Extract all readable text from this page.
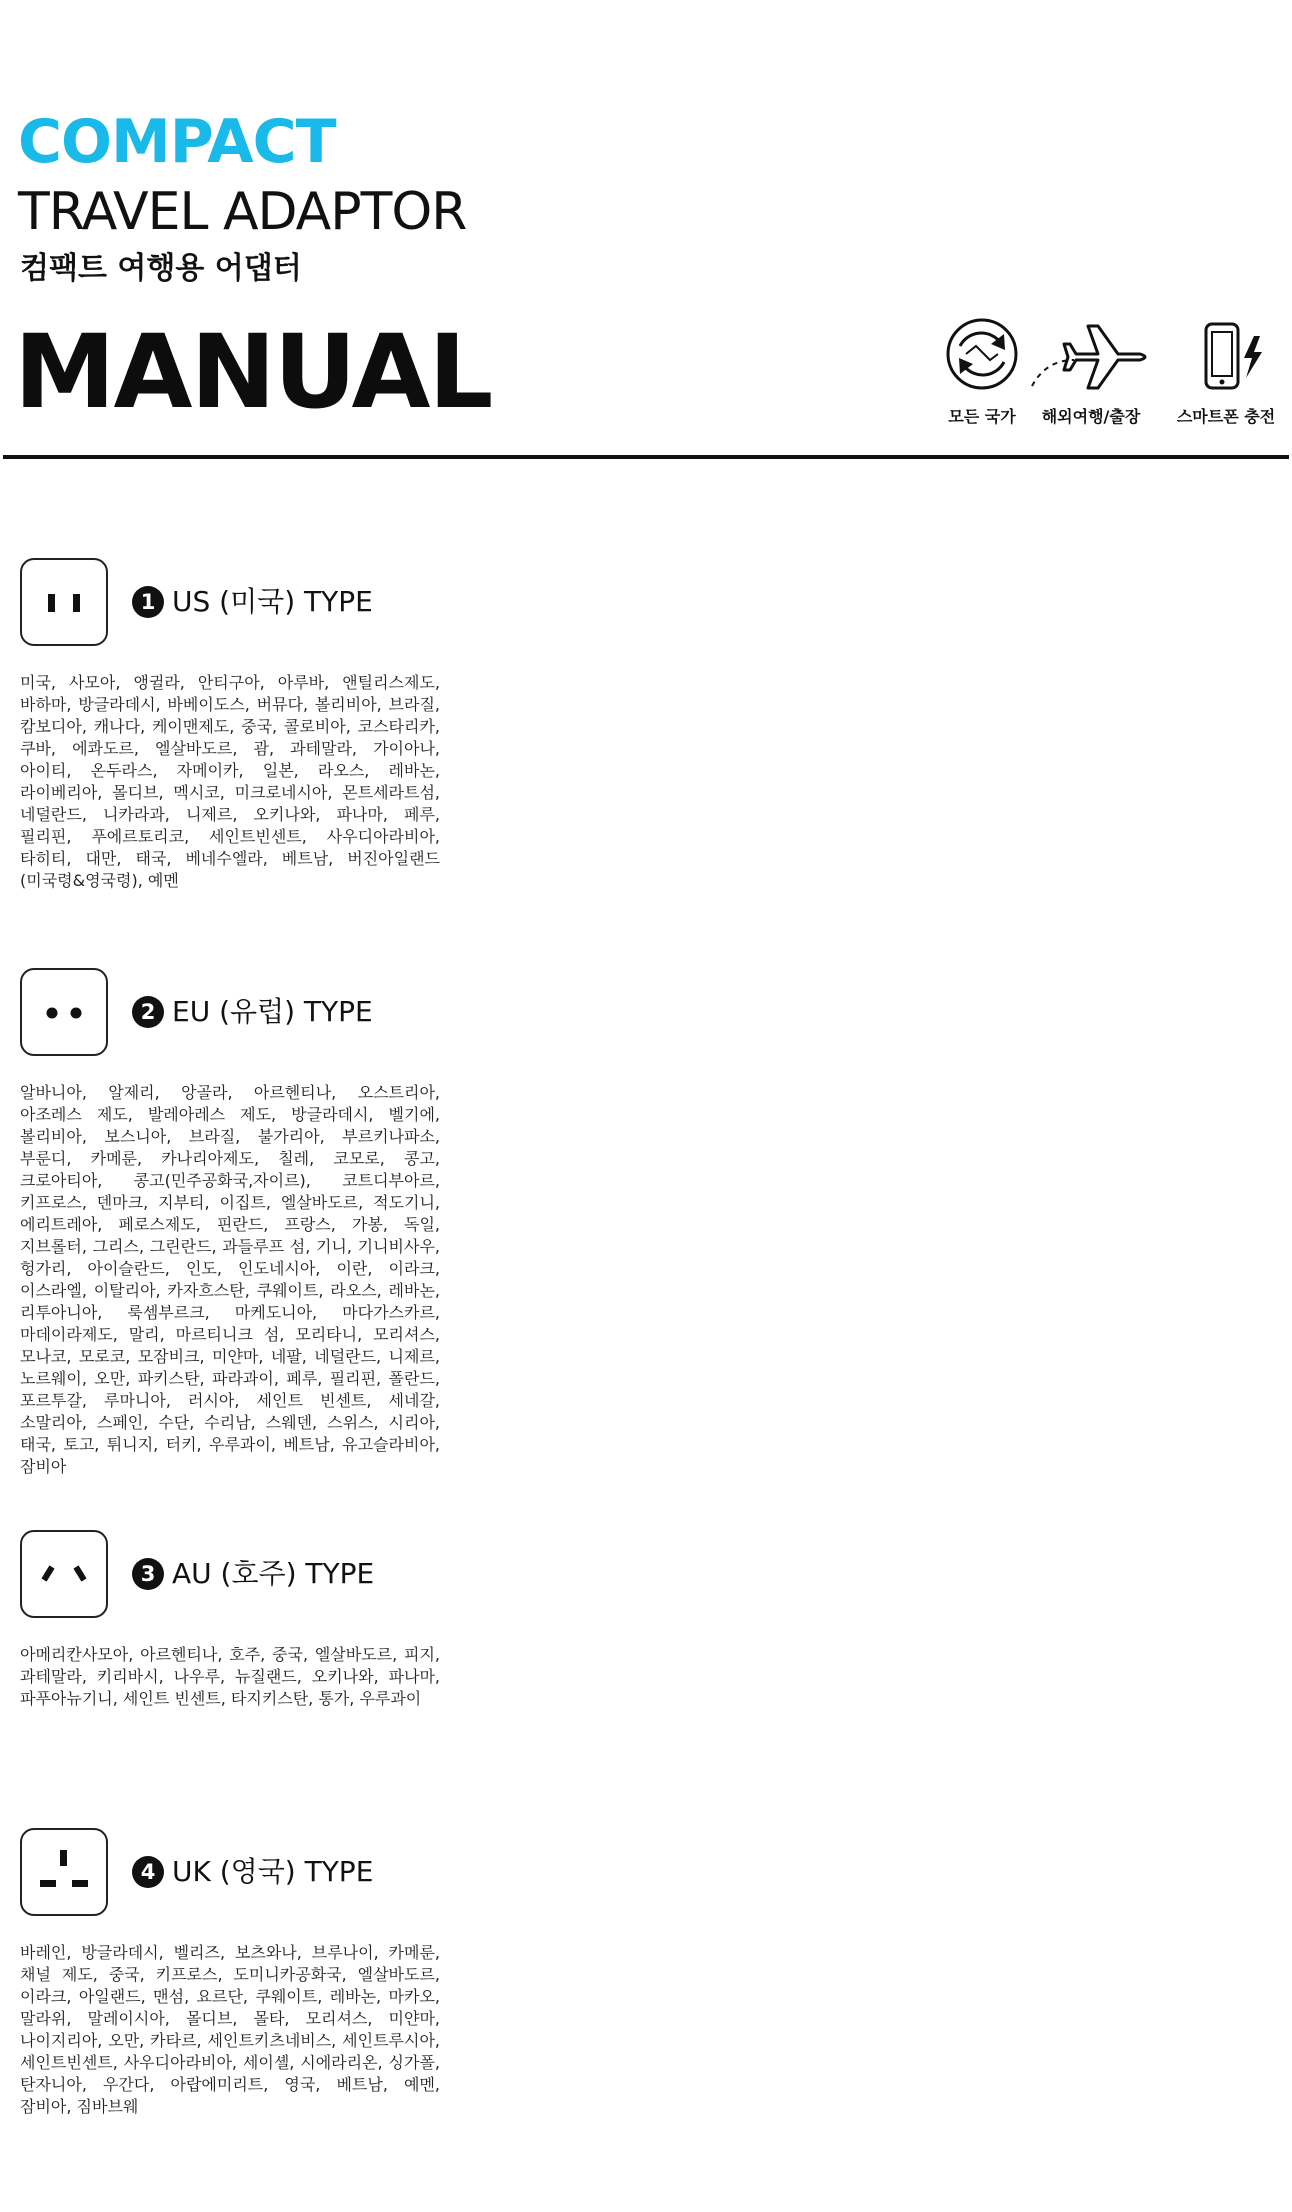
COMPACT
TRAVEL ADAPTOR
컴팩트 여행용 어댑터
MANUAL	모든 국가	해외여행/출장	스마트폰 충전
1 US (미국) TYPE
미국, 사모아, 앵귈라, 안티구아, 아루바, 앤틸리스제도, 바하마, 방글라데시, 바베이도스, 버뮤다, 볼리비아, 브라질, 캄보디아, 캐나다, 케이맨제도, 중국, 콜로비아, 코스타리카, 쿠바, 에콰도르, 엘살바도르, 괌, 과테말라, 가이아나, 아이티, 온두라스, 자메이카, 일본, 라오스, 레바논, 라이베리아, 몰디브, 멕시코, 미크로네시아, 몬트세라트섬, 네덜란드, 니카라과, 니제르, 오키나와, 파나마, 페루, 필리핀, 푸에르토리코, 세인트빈센트, 사우디아라비아, 타히티, 대만, 태국, 베네수엘라, 베트남, 버진아일랜드 (미국령&영국령), 예멘
2 EU (유럽) TYPE
알바니아, 알제리, 앙골라, 아르헨티나, 오스트리아, 아조레스 제도, 발레아레스 제도, 방글라데시, 벨기에, 볼리비아, 보스니아, 브라질, 불가리아, 부르키나파소, 부룬디, 카메룬, 카나리아제도, 칠레, 코모로, 콩고, 크로아티아, 콩고(민주공화국,자이르), 코트디부아르, 키프로스, 덴마크, 지부티, 이집트, 엘살바도르, 적도기니, 에리트레아, 페로스제도, 핀란드, 프랑스, 가봉, 독일, 지브롤터, 그리스, 그린란드, 과들루프 섬, 기니, 기니비사우, 헝가리, 아이슬란드, 인도, 인도네시아, 이란, 이라크, 이스라엘, 이탈리아, 카자흐스탄, 쿠웨이트, 라오스, 레바논, 리투아니아, 룩셈부르크, 마케도니아, 마다가스카르, 마데이라제도, 말리, 마르티니크 섬, 모리타니, 모리셔스, 모나코, 모로코, 모잠비크, 미얀마, 네팔, 네덜란드, 니제르, 노르웨이, 오만, 파키스탄, 파라과이, 페루, 필리핀, 폴란드, 포르투갈, 루마니아, 러시아, 세인트 빈센트, 세네갈, 소말리아, 스페인, 수단, 수리남, 스웨덴, 스위스, 시리아, 태국, 토고, 튀니지, 터키, 우루과이, 베트남, 유고슬라비아, 잠비아
3 AU (호주) TYPE
아메리칸사모아, 아르헨티나, 호주, 중국, 엘살바도르, 피지, 과테말라, 키리바시, 나우루, 뉴질랜드, 오키나와, 파나마, 파푸아뉴기니, 세인트 빈센트, 타지키스탄, 통가, 우루과이
4 UK (영국) TYPE
바레인, 방글라데시, 벨리즈, 보츠와나, 브루나이, 카메룬, 채널 제도, 중국, 키프로스, 도미니카공화국, 엘살바도르, 이라크, 아일랜드, 맨섬, 요르단, 쿠웨이트, 레바논, 마카오, 말라위, 말레이시아, 몰디브, 몰타, 모리셔스, 미얀마, 나이지리아, 오만, 카타르, 세인트키츠네비스, 세인트루시아, 세인트빈센트, 사우디아라비아, 세이셸, 시에라리온, 싱가폴, 탄자니아, 우간다, 아랍에미리트, 영국, 베트남, 예멘, 잠비아, 짐바브웨
